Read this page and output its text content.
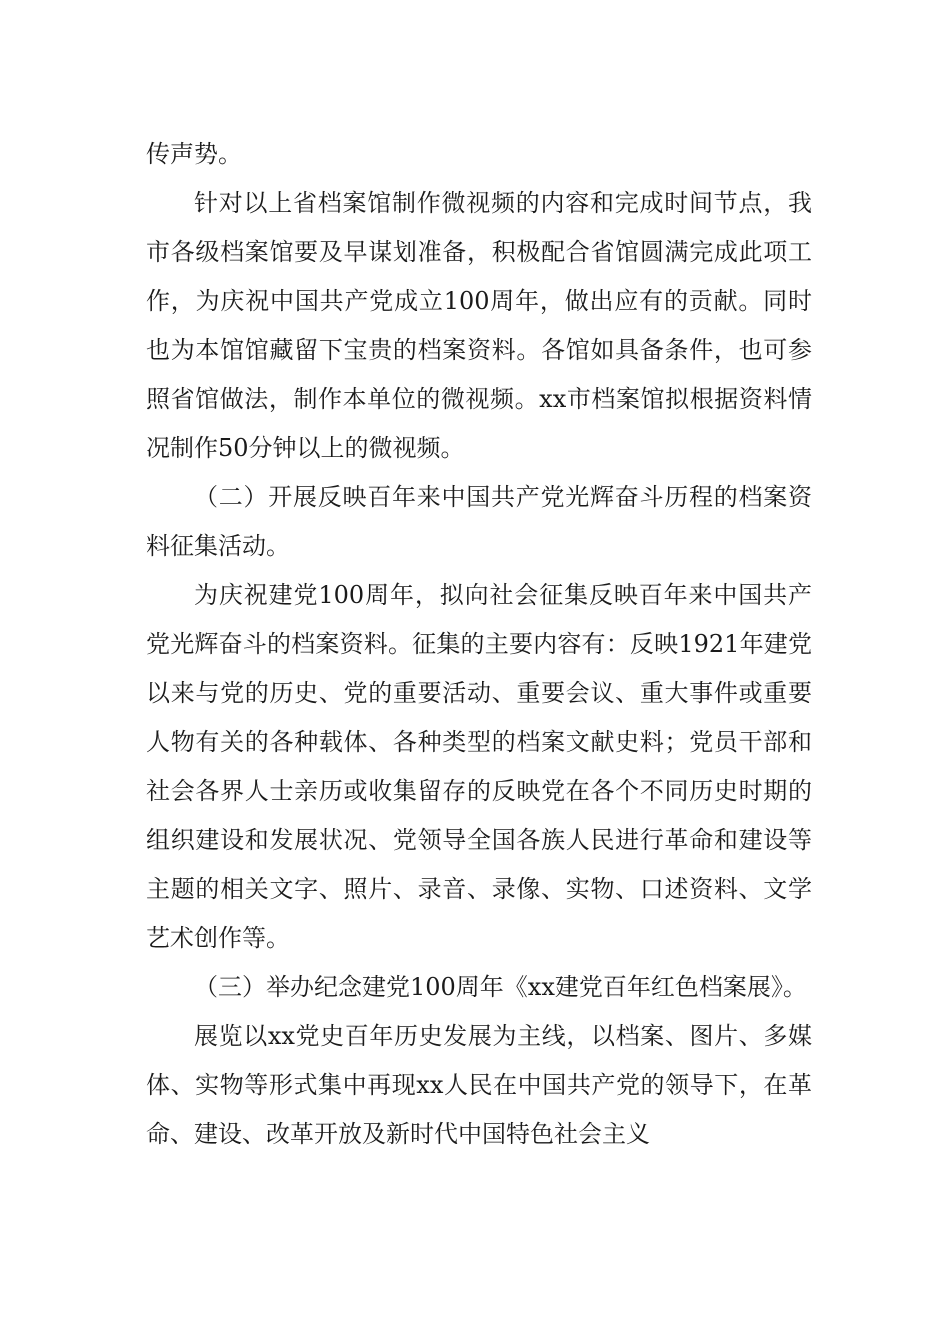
传声势。

针对以上省档案馆制作微视频的内容和完成时间节点，我市各级档案馆要及早谋划准备，积极配合省馆圆满完成此项工作，为庆祝中国共产党成立100周年，做出应有的贡献。同时也为本馆馆藏留下宝贵的档案资料。各馆如具备条件，也可参照省馆做法，制作本单位的微视频。xx市档案馆拟根据资料情况制作50分钟以上的微视频。

（二）开展反映百年来中国共产党光辉奋斗历程的档案资料征集活动。

为庆祝建党100周年，拟向社会征集反映百年来中国共产党光辉奋斗的档案资料。征集的主要内容有：反映1921年建党以来与党的历史、党的重要活动、重要会议、重大事件或重要人物有关的各种载体、各种类型的档案文献史料；党员干部和社会各界人士亲历或收集留存的反映党在各个不同历史时期的组织建设和发展状况、党领导全国各族人民进行革命和建设等主题的相关文字、照片、录音、录像、实物、口述资料、文学艺术创作等。

（三）举办纪念建党100周年《xx建党百年红色档案展》。

展览以xx党史百年历史发展为主线，以档案、图片、多媒体、实物等形式集中再现xx人民在中国共产党的领导下，在革命、建设、改革开放及新时代中国特色社会主义
